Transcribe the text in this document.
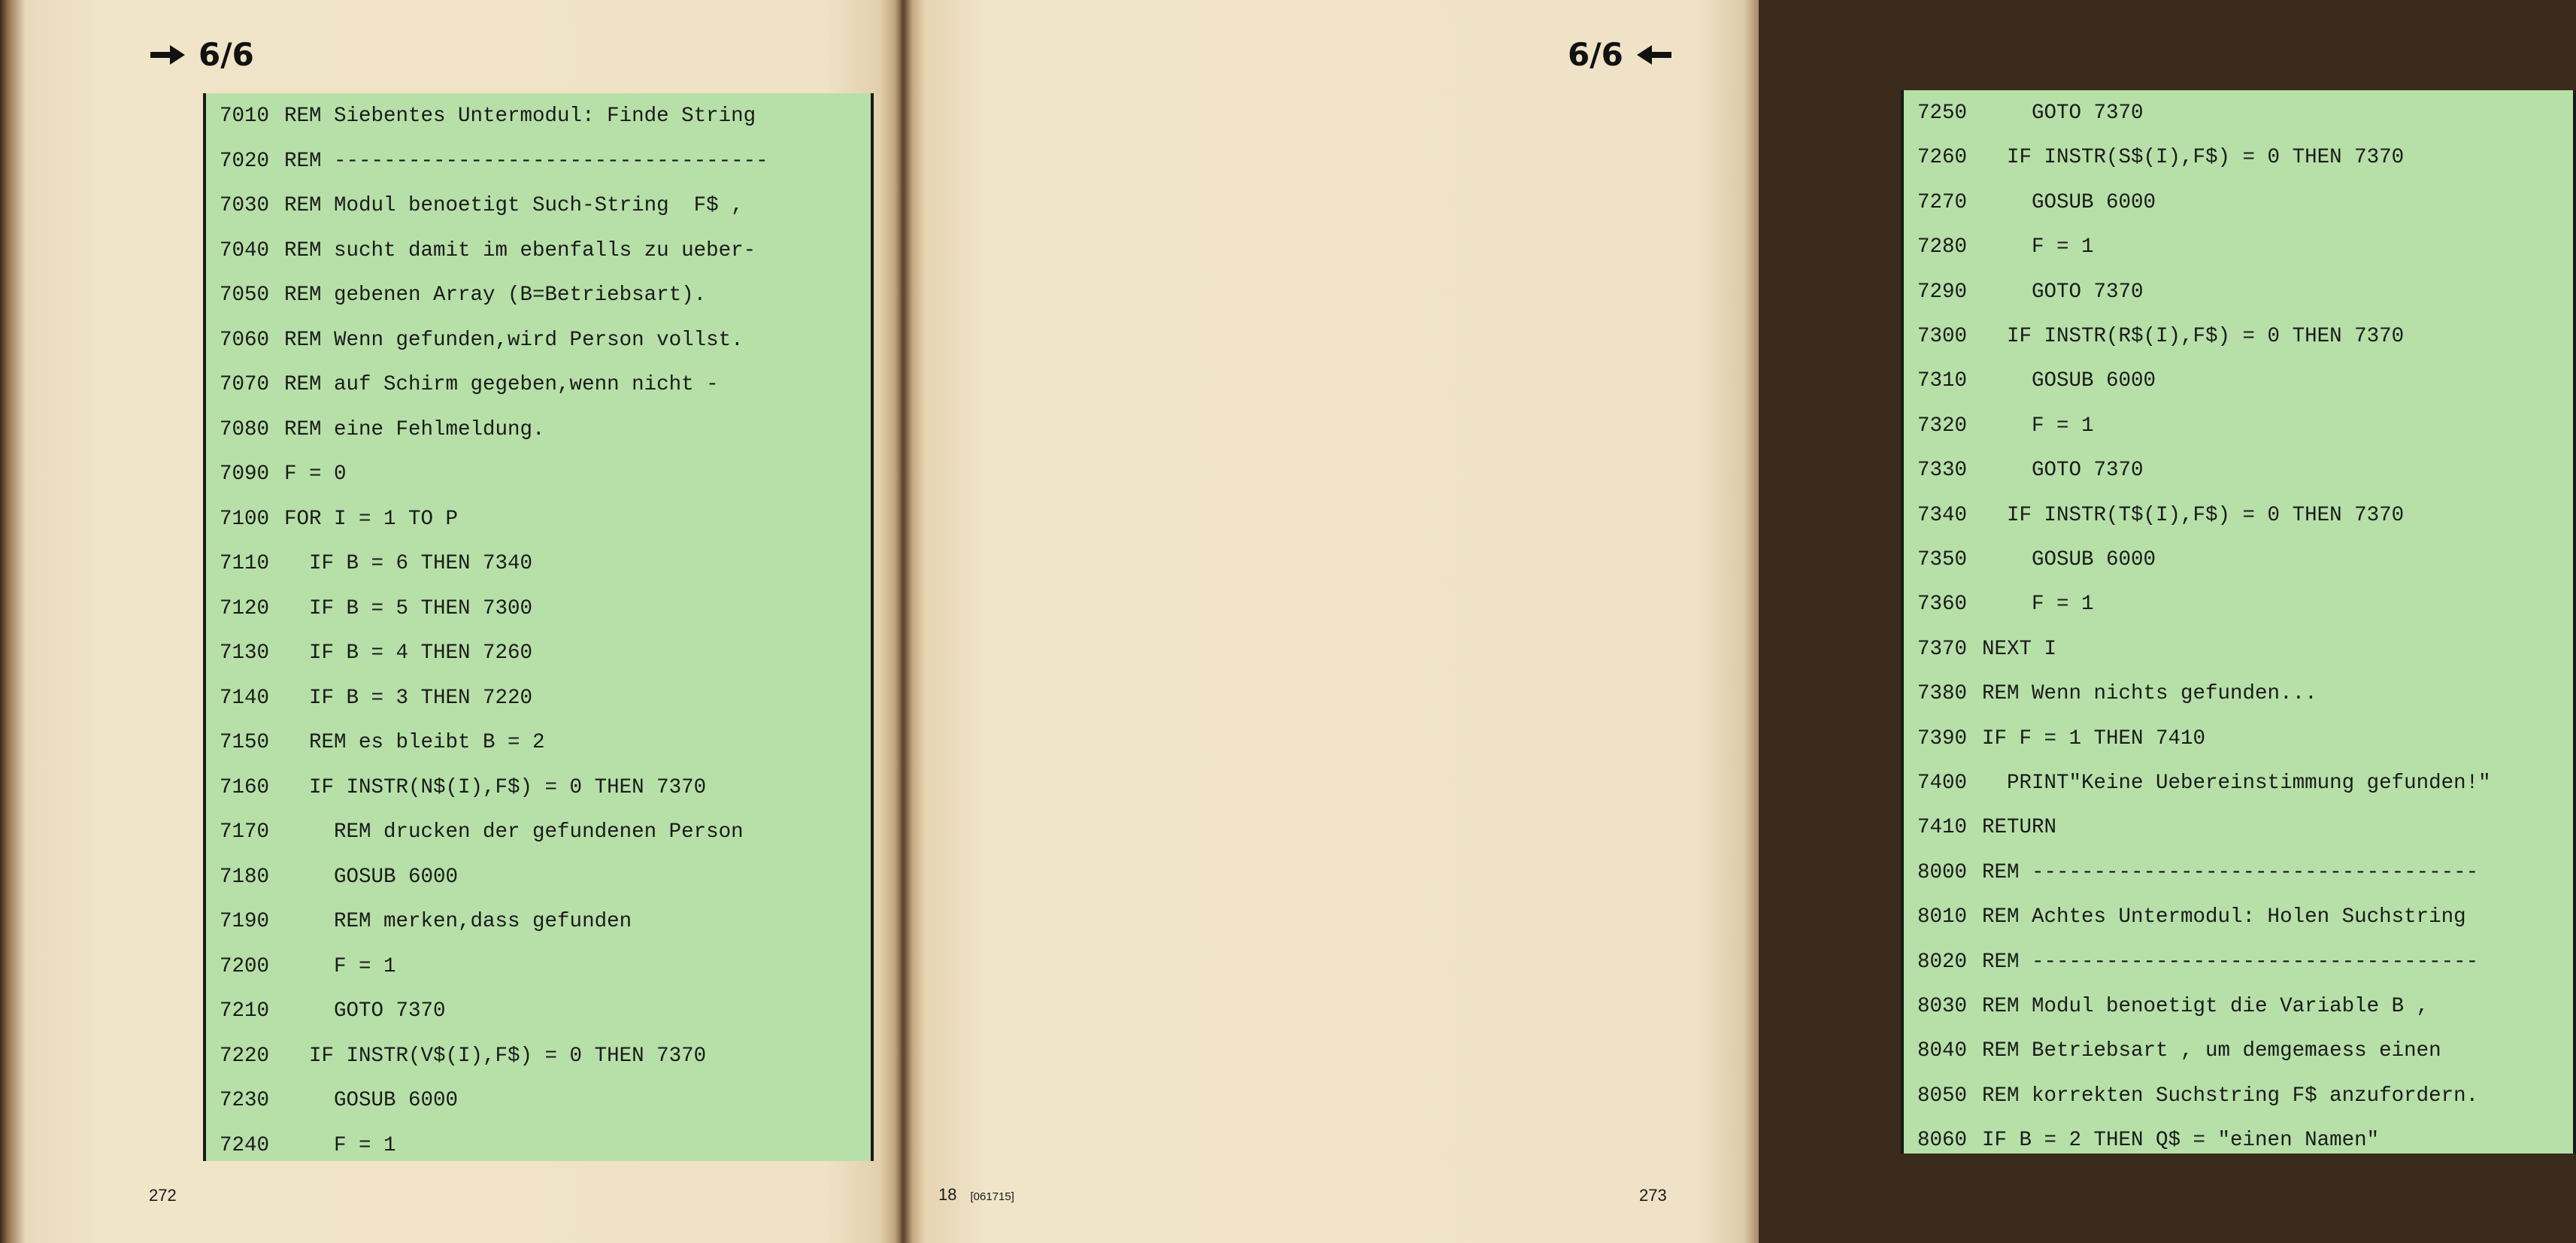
6/6
7010 REM Siebentes Untermodul: Finde String
7020 REM -----------------------------------
7030 REM Modul benoetigt Such-String  F$ ,
7040 REM sucht damit im ebenfalls zu ueber-
7050 REM gebenen Array (B=Betriebsart).
7060 REM Wenn gefunden,wird Person vollst.
7070 REM auf Schirm gegeben,wenn nicht -
7080 REM eine Fehlmeldung.
7090 F = 0
7100 FOR I = 1 TO P
7110  IF B = 6 THEN 7340
7120  IF B = 5 THEN 7300
7130  IF B = 4 THEN 7260
7140  IF B = 3 THEN 7220
7150  REM es bleibt B = 2
7160  IF INSTR(N$(I),F$) = 0 THEN 7370
7170    REM drucken der gefundenen Person
7180    GOSUB 6000
7190    REM merken,dass gefunden
7200    F = 1
7210    GOTO 7370
7220  IF INSTR(V$(I),F$) = 0 THEN 7370
7230    GOSUB 6000
7240    F = 1
272
7250    GOTO 7370
7260  IF INSTR(S$(I),F$) = 0 THEN 7370
7270    GOSUB 6000
7280    F = 1
7290    GOTO 7370
7300  IF INSTR(R$(I),F$) = 0 THEN 7370
7310    GOSUB 6000
7320    F = 1
7330    GOTO 7370
7340  IF INSTR(T$(I),F$) = 0 THEN 7370
7350    GOSUB 6000
7360    F = 1
7370 NEXT I
7380 REM Wenn nichts gefunden...
7390 IF F = 1 THEN 7410
7400  PRINT"Keine Uebereinstimmung gefunden!"
7410 RETURN
8000 REM ------------------------------------
8010 REM Achtes Untermodul: Holen Suchstring
8020 REM ------------------------------------
8030 REM Modul benoetigt die Variable B ,
8040 REM Betriebsart , um demgemaess einen
8050 REM korrekten Suchstring F$ anzufordern.
8060 IF B = 2 THEN Q$ = "einen Namen"
18 [061715]	273
6/6
